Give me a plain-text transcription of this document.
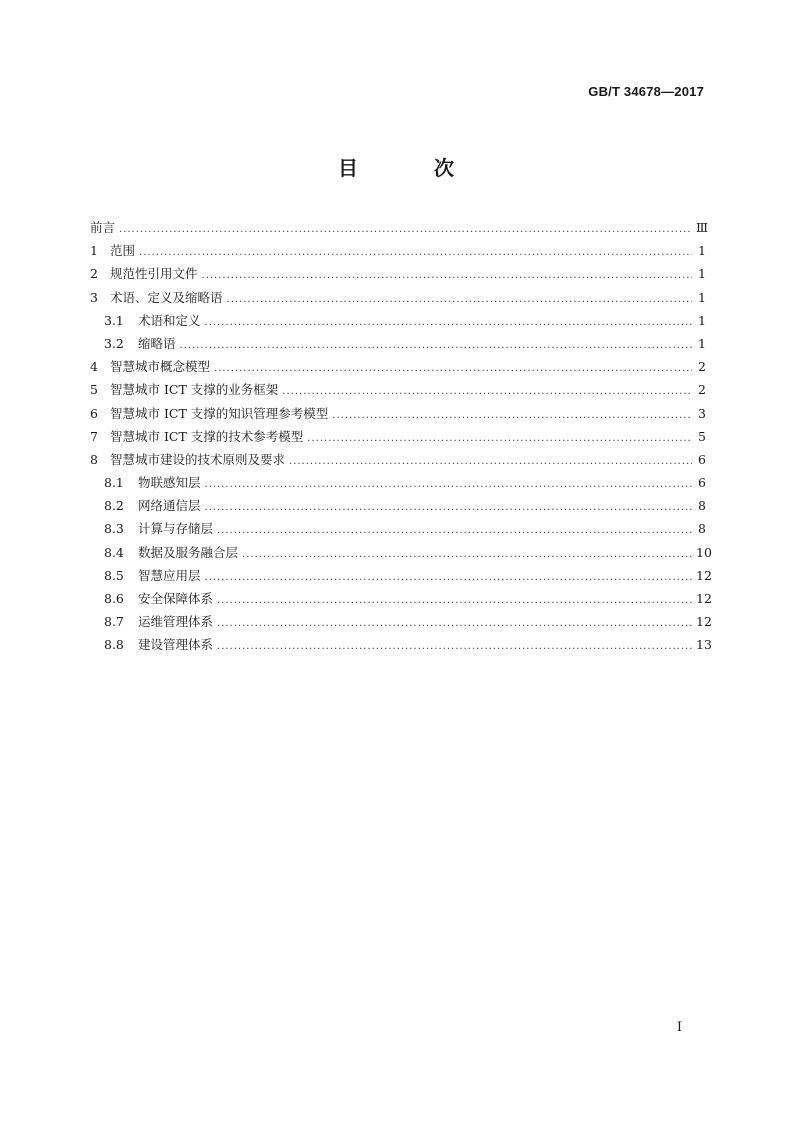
GB/T 34678—2017
目　次
前言 .....	Ⅲ
1 范围 .....	1
2 规范性引用文件 .....	1
3 术语、定义及缩略语 .....	1
3.1	术语和定义 .....	1
3.2	缩略语 .....	1
4 智慧城市概念模型 .....	2
5 智慧城市 ICT 支撑的业务框架 .....	2
6 智慧城市 ICT 支撑的知识管理参考模型 .....	3
7 智慧城市 ICT 支撑的技术参考模型 .....	5
8 智慧城市建设的技术原则及要求 .....	6
8.1	物联感知层 .....	6
8.2	网络通信层 .....	8
8.3	计算与存储层 .....	8
8.4	数据及服务融合层 .....	10
8.5	智慧应用层 .....	12
8.6	安全保障体系 .....	12
8.7	运维管理体系 .....	12
8.8	建设管理体系 .....	13
I
